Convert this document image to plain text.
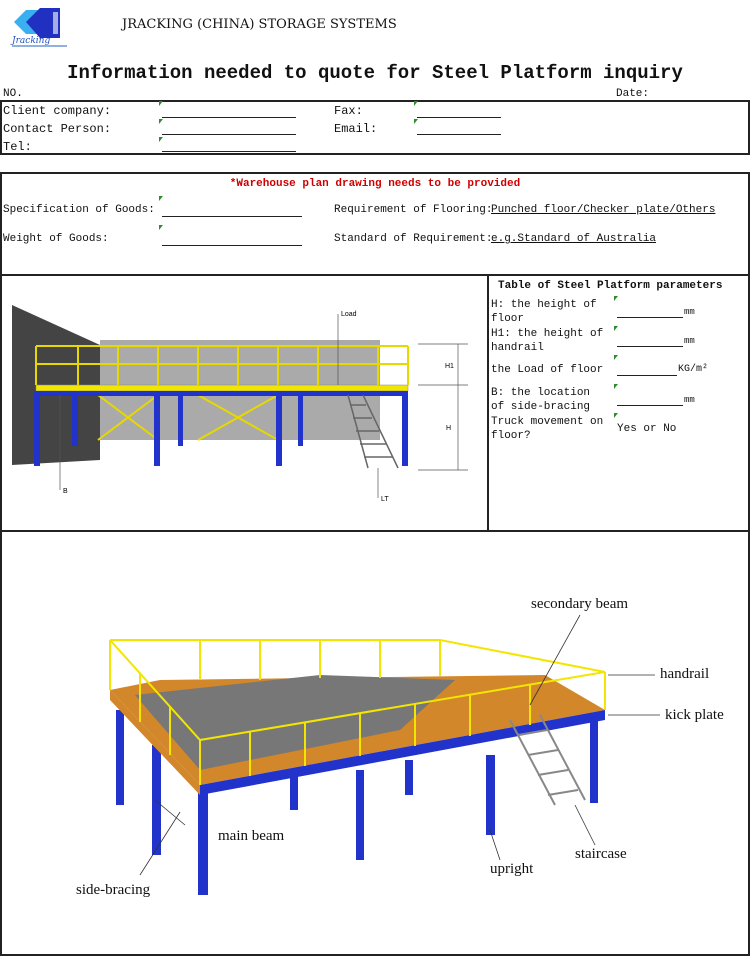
Jracking
JRACKING (CHINA) STORAGE SYSTEMS
Information needed to quote for Steel Platform inquiry
NO.	Date:
Client company:
Contact Person:
Tel:
Fax:
Email:
*Warehouse plan drawing needs to be provided
Specification of Goods:
Weight of Goods:
Requirement of Flooring:
Punched floor/Checker plate/Others
Standard of Requirement:
e.g.Standard of Australia
Load
H1
H
B
LT
Table of Steel Platform parameters
H: the height of floor
H1: the height of handrail
the Load of floor
B: the location of side-bracing
Truck movement on floor?
mm
mm
KG/m²
mm
Yes or No
secondary beam
handrail
kick plate
main beam
side-bracing
upright
staircase
